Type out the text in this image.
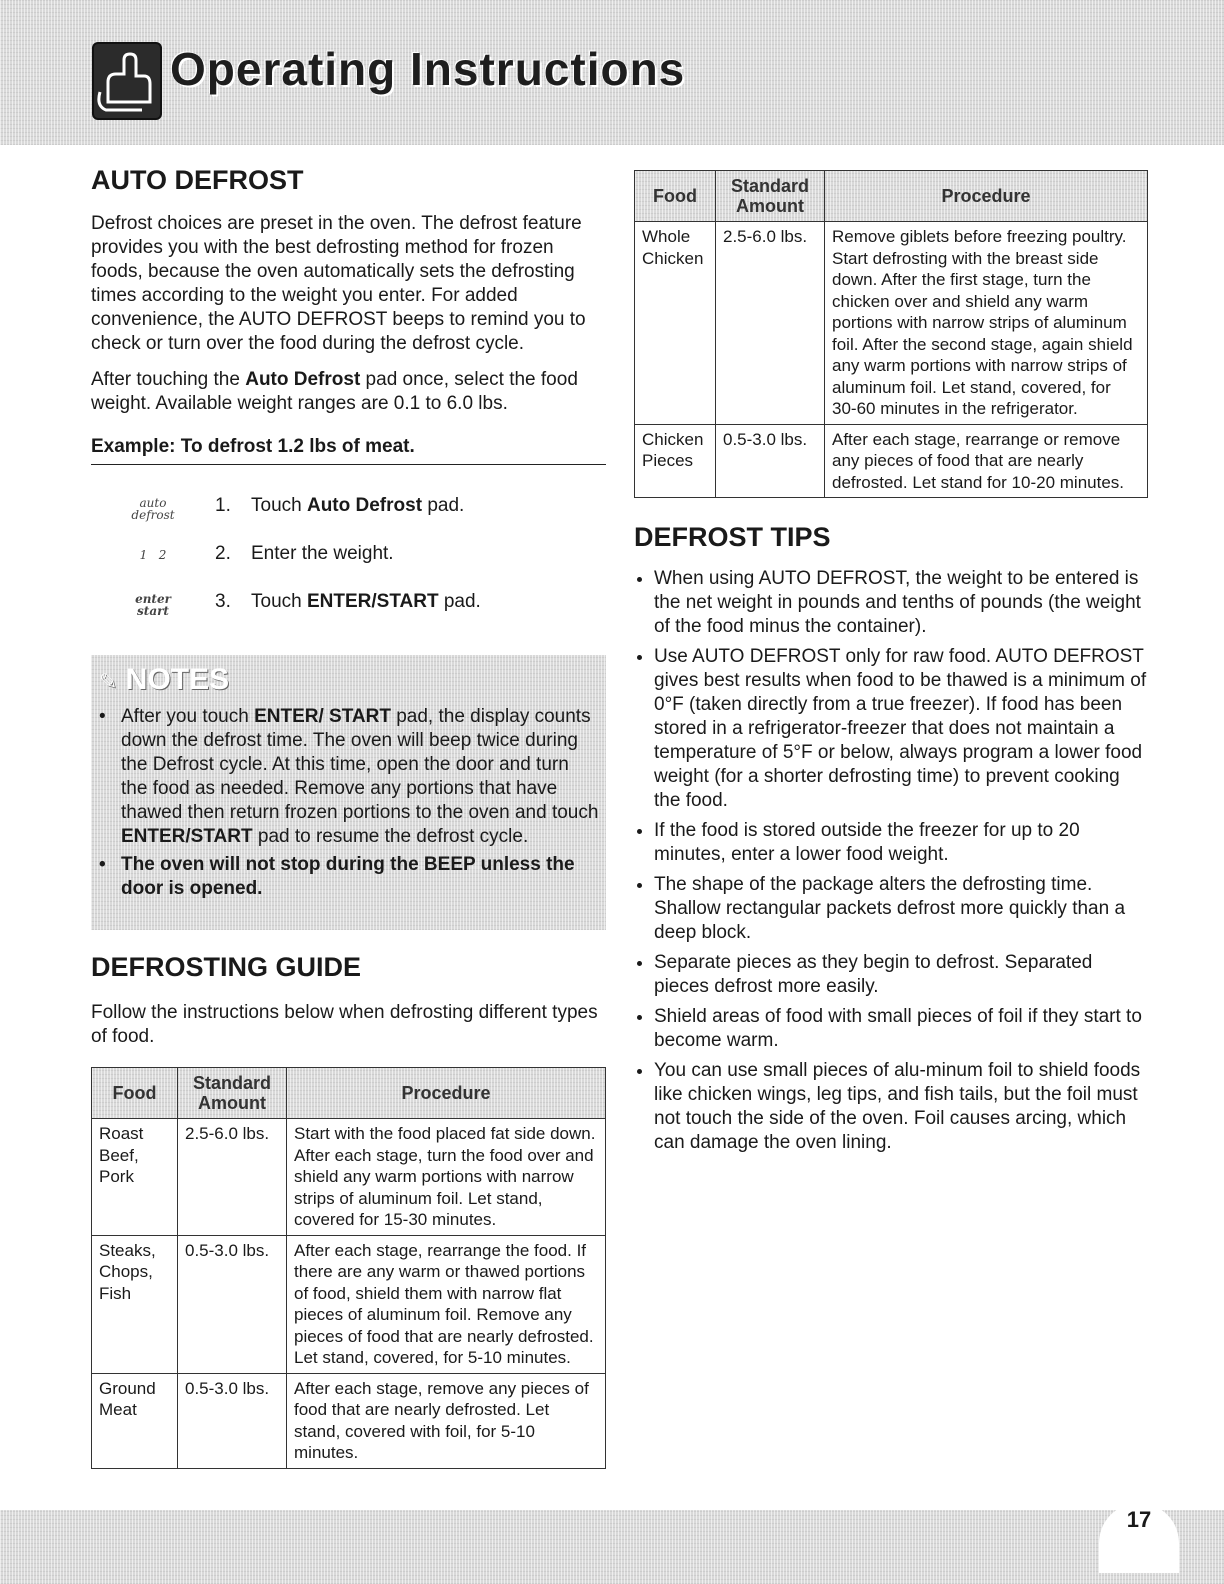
Operating Instructions
AUTO DEFROST

Defrost choices are preset in the oven. The defrost feature provides you with the best defrosting method for frozen foods, because the oven automatically sets the defrosting times according to the weight you enter. For added convenience, the AUTO DEFROST beeps to remind you to check or turn over the food during the defrost cycle.

After touching the Auto Defrost pad once, select the food weight. Available weight ranges are 0.1 to 6.0 lbs.

Example: To defrost 1.2 lbs of meat.
auto
defrost	1.	Touch Auto Defrost pad.
1 2	2.	Enter the weight.
enter
start	3.	Touch ENTER/START pad.
✎ NOTES
• After you touch ENTER/ START pad, the display counts down the defrost time. The oven will beep twice during the Defrost cycle. At this time, open the door and turn the food as needed. Remove any portions that have thawed then return frozen portions to the oven and touch ENTER/START pad to resume the defrost cycle.
• The oven will not stop during the BEEP unless the door is opened.
DEFROSTING GUIDE

Follow the instructions below when defrosting different types of food.

Food	Standard Amount	Procedure
Roast Beef, Pork	2.5-6.0 lbs.	Start with the food placed fat side down. After each stage, turn the food over and shield any warm portions with narrow strips of aluminum foil. Let stand, covered for 15-30 minutes.
Steaks, Chops, Fish	0.5-3.0 lbs.	After each stage, rearrange the food. If there are any warm or thawed portions of food, shield them with narrow flat pieces of aluminum foil. Remove any pieces of food that are nearly defrosted. Let stand, covered, for 5-10 minutes.
Ground Meat	0.5-3.0 lbs.	After each stage, remove any pieces of food that are nearly defrosted. Let stand, covered with foil, for 5-10 minutes.
Food	Standard Amount	Procedure
Whole Chicken	2.5-6.0 lbs.	Remove giblets before freezing poultry. Start defrosting with the breast side down. After the first stage, turn the chicken over and shield any warm portions with narrow strips of aluminum foil. After the second stage, again shield any warm portions with narrow strips of aluminum foil. Let stand, covered, for 30-60 minutes in the refrigerator.
Chicken Pieces	0.5-3.0 lbs.	After each stage, rearrange or remove any pieces of food that are nearly defrosted. Let stand for 10-20 minutes.
DEFROST TIPS
• When using AUTO DEFROST, the weight to be entered is the net weight in pounds and tenths of pounds (the weight of the food minus the container).
• Use AUTO DEFROST only for raw food. AUTO DEFROST gives best results when food to be thawed is a minimum of 0°F (taken directly from a true freezer). If food has been stored in a refrigerator-freezer that does not maintain a temperature of 5°F or below, always program a lower food weight (for a shorter defrosting time) to prevent cooking the food.
• If the food is stored outside the freezer for up to 20 minutes, enter a lower food weight.
• The shape of the package alters the defrosting time. Shallow rectangular packets defrost more quickly than a deep block.
• Separate pieces as they begin to defrost. Separated pieces defrost more easily.
• Shield areas of food with small pieces of foil if they start to become warm.
• You can use small pieces of alu-minum foil to shield foods like chicken wings, leg tips, and fish tails, but the foil must not touch the side of the oven. Foil causes arcing, which can damage the oven lining.
17
